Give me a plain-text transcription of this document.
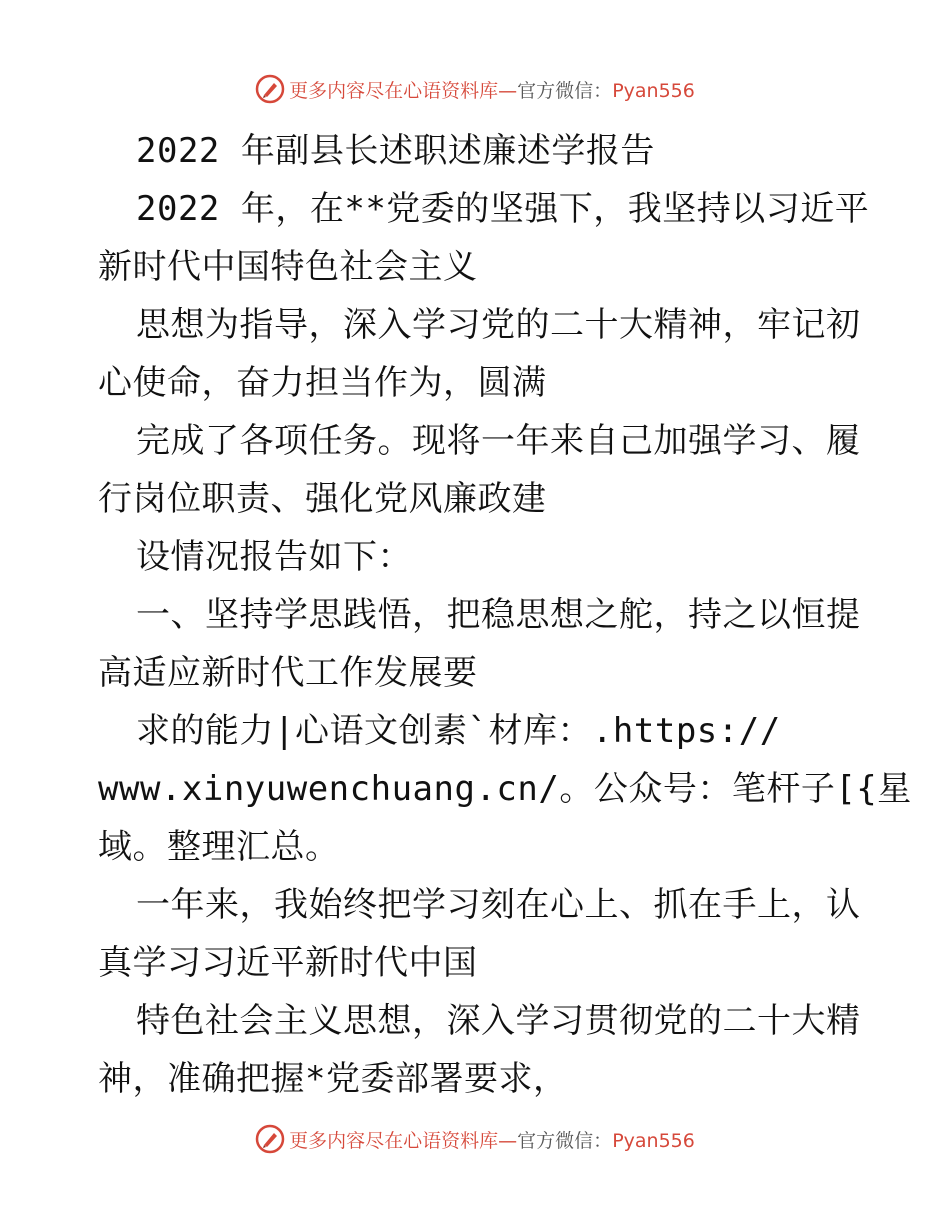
更多内容尽在心语资料库—官方微信：Pyan556
2022 年副县长述职述廉述学报告
2022 年，在**党委的坚强下，我坚持以习近平
新时代中国特色社会主义
思想为指导，深入学习党的二十大精神，牢记初
心使命，奋力担当作为，圆满
完成了各项任务。现将一年来自己加强学习、履
行岗位职责、强化党风廉政建
设情况报告如下：
一、坚持学思践悟，把稳思想之舵，持之以恒提
高适应新时代工作发展要
求的能力|心语文创素`材库：.https://
www.xinyuwenchuang.cn/。公众号：笔杆子[{星
域。整理汇总。
一年来，我始终把学习刻在心上、抓在手上，认
真学习习近平新时代中国
特色社会主义思想，深入学习贯彻党的二十大精
神，准确把握*党委部署要求，
更多内容尽在心语资料库—官方微信：Pyan556
